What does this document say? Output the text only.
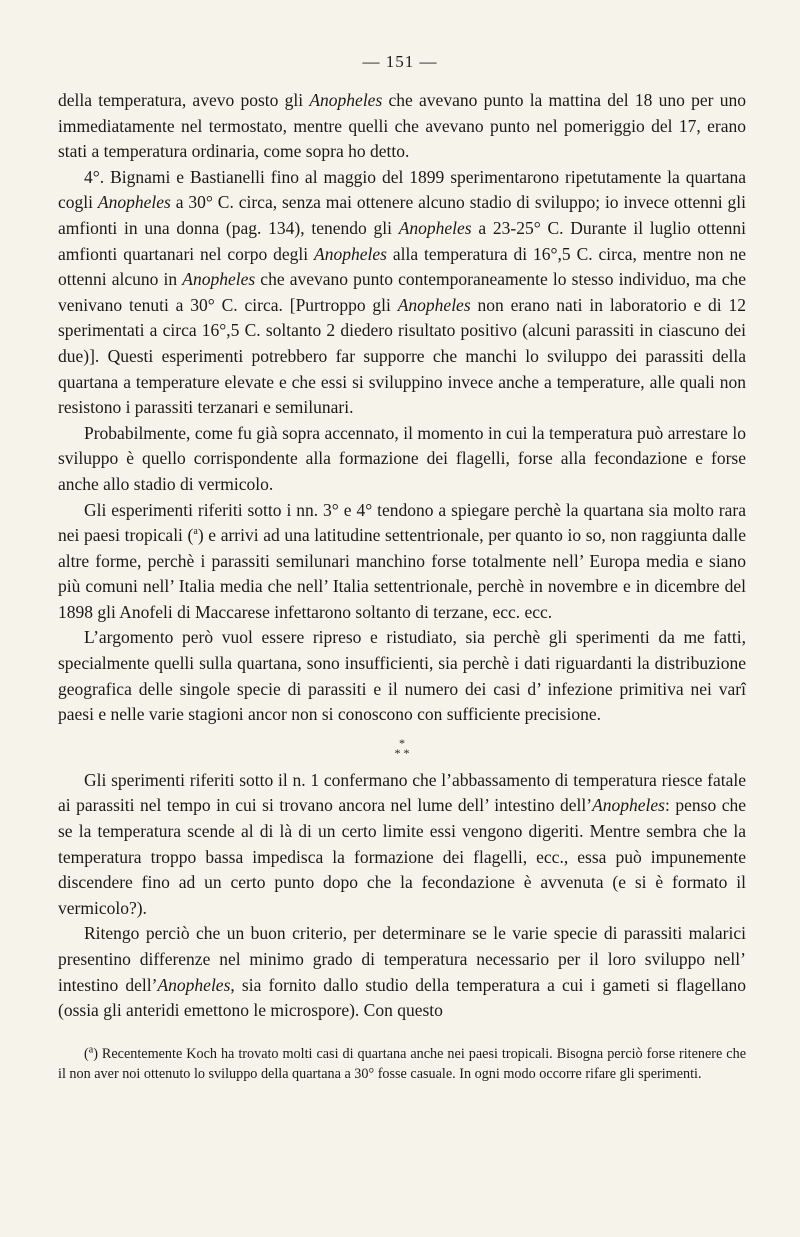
— 151 —

della temperatura, avevo posto gli Anopheles che avevano punto la mattina del 18 uno per uno immediatamente nel termostato, mentre quelli che avevano punto nel pomeriggio del 17, erano stati a temperatura ordinaria, come sopra ho detto.

4°. Bignami e Bastianelli fino al maggio del 1899 sperimentarono ripetutamente la quartana cogli Anopheles a 30° C. circa, senza mai ottenere alcuno stadio di sviluppo; io invece ottenni gli amfionti in una donna (pag. 134), tenendo gli Anopheles a 23-25° C. Durante il luglio ottenni amfionti quartanari nel corpo degli Anopheles alla temperatura di 16°,5 C. circa, mentre non ne ottenni alcuno in Anopheles che avevano punto contemporaneamente lo stesso individuo, ma che venivano tenuti a 30° C. circa. [Purtroppo gli Anopheles non erano nati in laboratorio e di 12 sperimentati a circa 16°,5 C. soltanto 2 diedero risultato positivo (alcuni parassiti in ciascuno dei due)]. Questi esperimenti potrebbero far supporre che manchi lo sviluppo dei parassiti della quartana a temperature elevate e che essi si sviluppino invece anche a temperature, alle quali non resistono i parassiti terzanari e semilunari.

Probabilmente, come fu già sopra accennato, il momento in cui la temperatura può arrestare lo sviluppo è quello corrispondente alla formazione dei flagelli, forse alla fecondazione e forse anche allo stadio di vermicolo.

Gli esperimenti riferiti sotto i nn. 3° e 4° tendono a spiegare perchè la quartana sia molto rara nei paesi tropicali ($^a$) e arrivi ad una latitudine settentrionale, per quanto io so, non raggiunta dalle altre forme, perchè i parassiti semilunari manchino forse totalmente nell’ Europa media e siano più comuni nell’ Italia media che nell’ Italia settentrionale, perchè in novembre e in dicembre del 1898 gli Anofeli di Maccarese infettarono soltanto di terzane, ecc. ecc.

L’argomento però vuol essere ripreso e ristudiato, sia perchè gli sperimenti da me fatti, specialmente quelli sulla quartana, sono insufficienti, sia perchè i dati riguardanti la distribuzione geografica delle singole specie di parassiti e il numero dei casi d’ infezione primitiva nei varî paesi e nelle varie stagioni ancor non si conoscono con sufficiente precisione.

*
* *

Gli sperimenti riferiti sotto il n. 1 confermano che l’abbassamento di temperatura riesce fatale ai parassiti nel tempo in cui si trovano ancora nel lume dell’ intestino dell’Anopheles: penso che se la temperatura scende al di là di un certo limite essi vengono digeriti. Mentre sembra che la temperatura troppo bassa impedisca la formazione dei flagelli, ecc., essa può impunemente discendere fino ad un certo punto dopo che la fecondazione è avvenuta (e si è formato il vermicolo?).

Ritengo perciò che un buon criterio, per determinare se le varie specie di parassiti malarici presentino differenze nel minimo grado di temperatura necessario per il loro sviluppo nell’ intestino dell’Anopheles, sia fornito dallo studio della temperatura a cui i gameti si flagellano (ossia gli anteridi emettono le microspore). Con questo

($^a$) Recentemente Koch ha trovato molti casi di quartana anche nei paesi tropicali. Bisogna perciò forse ritenere che il non aver noi ottenuto lo sviluppo della quartana a 30° fosse casuale. In ogni modo occorre rifare gli sperimenti.
